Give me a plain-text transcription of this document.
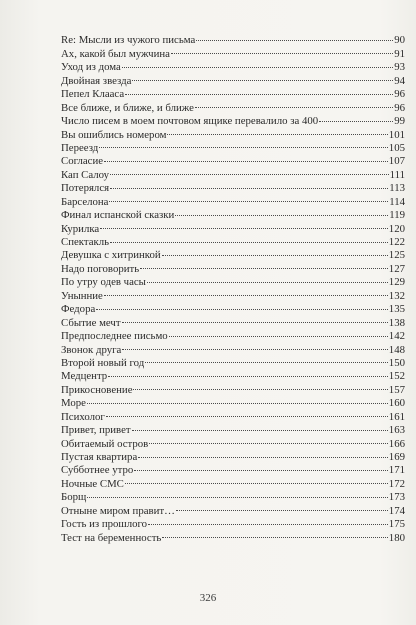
Re: Мысли из чужого письма	90
Ах, какой был мужчина	91
Уход из дома	93
Двойная звезда	94
Пепел Клааса	96
Все ближе, и ближе, и ближе	96
Число писем в моем почтовом ящике перевалило за 400	99
Вы ошиблись номером	101
Переезд	105
Согласие	107
Кап Салоу	111
Потерялся	113
Барселона	114
Финал испанской сказки	119
Курилка	120
Спектакль	122
Девушка с хитринкой	125
Надо поговорить	127
По утру одев часы	129
Унынние	132
Федора	135
Сбытие мечт	138
Предпоследнее письмо	142
Звонок друга	148
Второй новый год	150
Медцентр	152
Прикосновение	157
Море	160
Психолог	161
Привет, привет	163
Обитаемый остров	166
Пустая квартира	169
Субботнее утро	171
Ночные СМС	172
Борщ	173
Отныне миром правит…	174
Гость из прошлого	175
Тест на беременность	180
326
